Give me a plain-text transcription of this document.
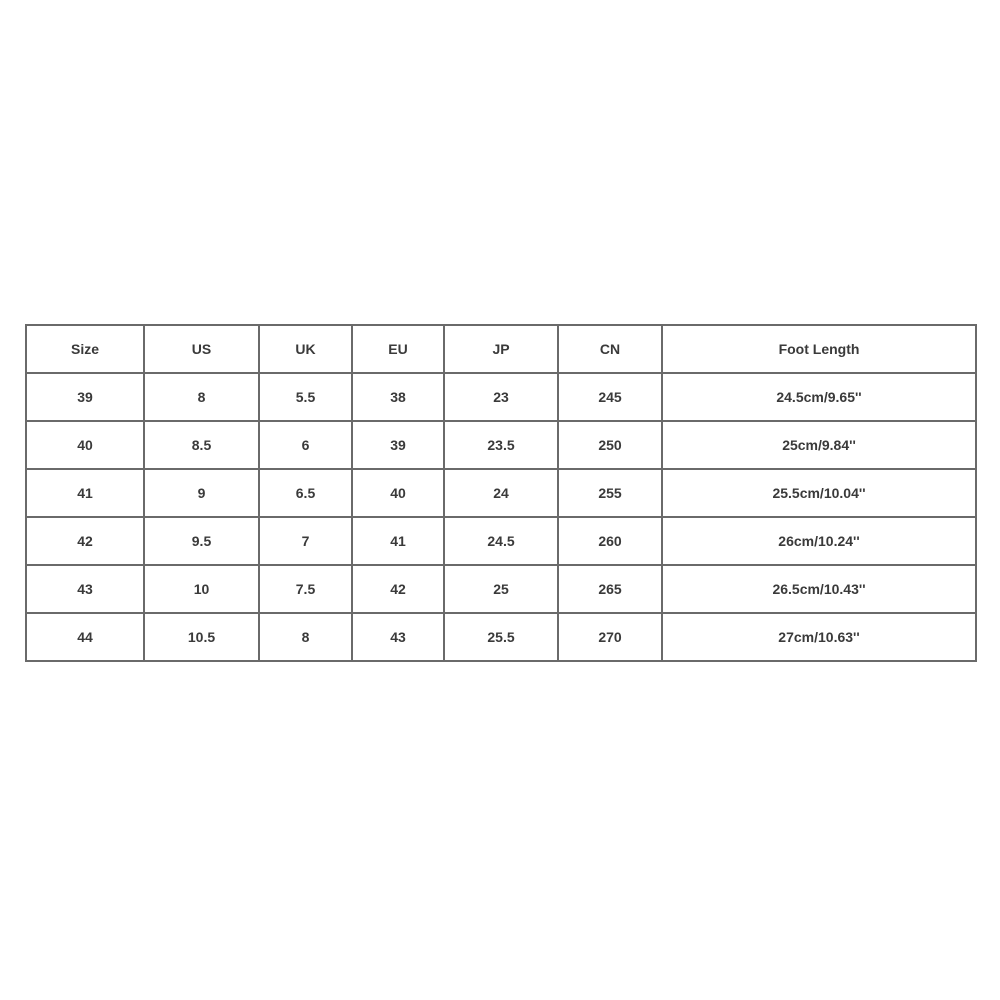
Size	US	UK	EU	JP	CN	Foot Length
39	8	5.5	38	23	245	24.5cm/9.65''
40	8.5	6	39	23.5	250	25cm/9.84''
41	9	6.5	40	24	255	25.5cm/10.04''
42	9.5	7	41	24.5	260	26cm/10.24''
43	10	7.5	42	25	265	26.5cm/10.43''
44	10.5	8	43	25.5	270	27cm/10.63''
